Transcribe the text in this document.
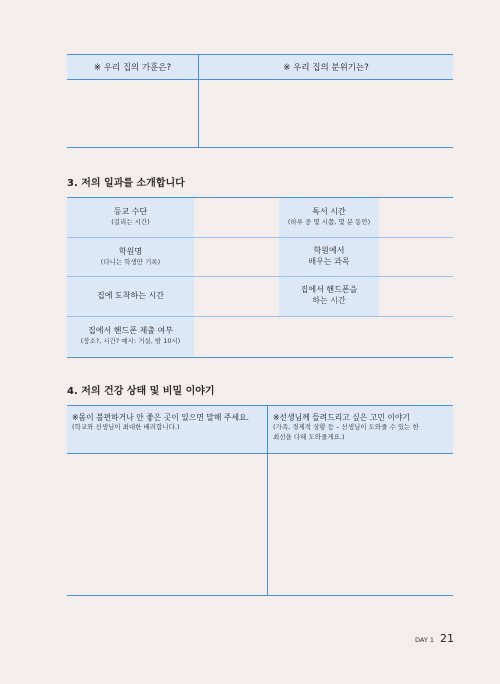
※ 우리 집의 가훈은?	※ 우리 집의 분위기는?
3. 저의 일과를 소개합니다
등교 수단
(걸리는 시간)
독서 시간
(하루 중 몇 시쯤, 몇 분 동안)
학원명
(다니는 학생만 기록)
학원에서
배우는 과목
집에 도착하는 시간
집에서 핸드폰을
하는 시간
집에서 핸드폰 제출 여부
(장소?, 시간? 예시: 거실, 밤 10시)
4. 저의 건강 상태 및 비밀 이야기
※몸이 불편하거나 안 좋은 곳이 있으면 말해 주세요.
(학교와 선생님이 최대한 배려합니다.)
※선생님께 들려드리고 싶은 고민 이야기
(가족, 경제적 상황 등 – 선생님이 도와줄 수 있는 한
최선을 다해 도와줄게요.)
DAY 1 21
